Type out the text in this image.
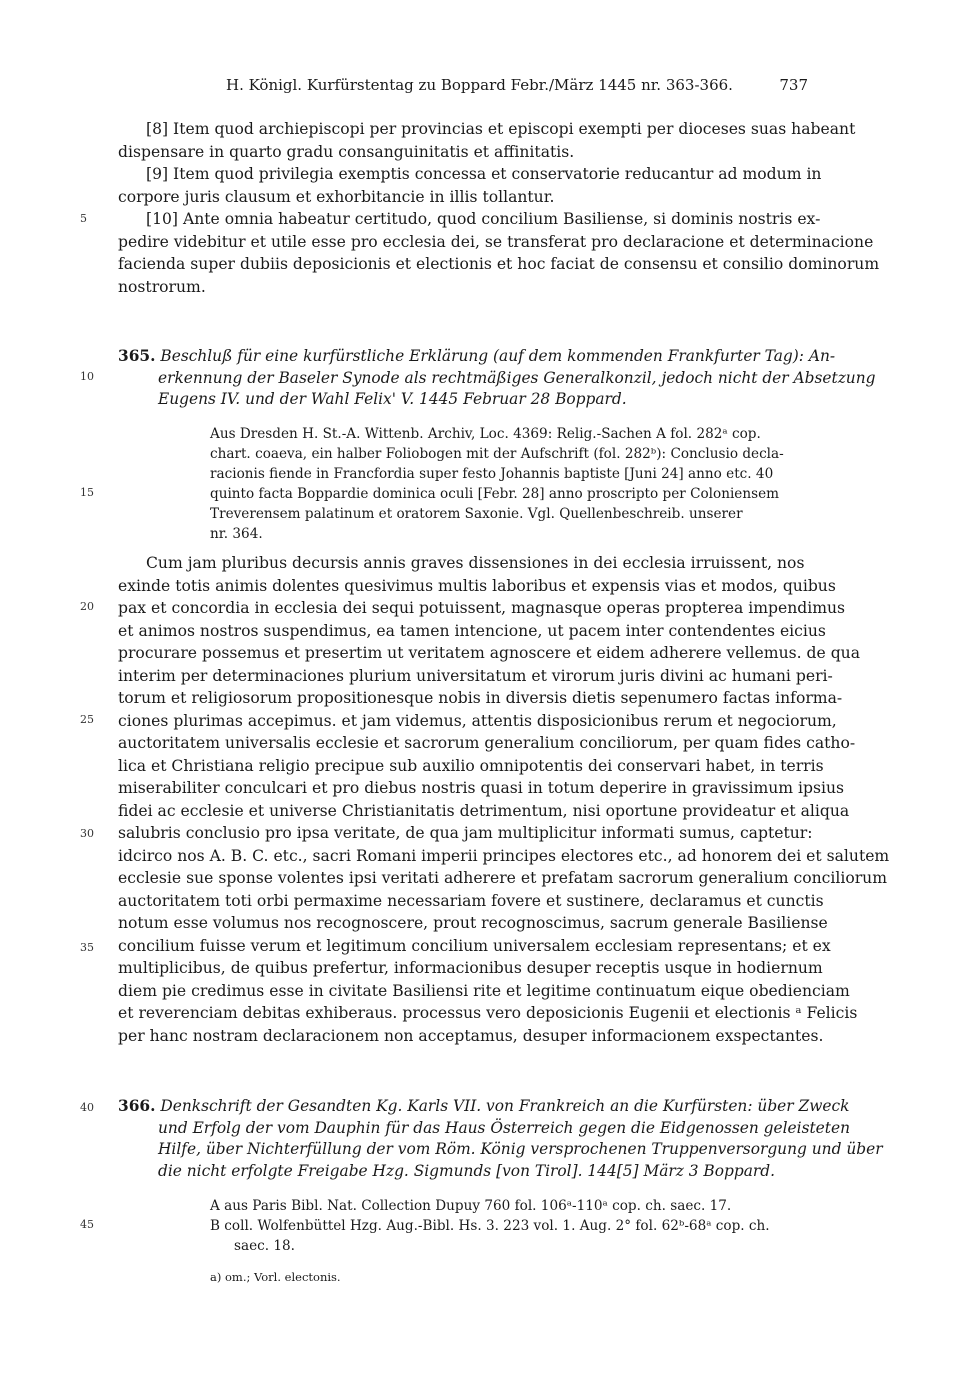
H. Königl. Kurfürstentag zu Boppard Febr./März 1445 nr. 363-366.	737
5
10
15
20
25
30
35
40
45
[8] Item quod archiepiscopi per provincias et episcopi exempti per dioceses suas habeant
dispensare in quarto gradu consanguinitatis et affinitatis.
[9] Item quod privilegia exemptis concessa et conservatorie reducantur ad modum in
corpore juris clausum et exhorbitancie in illis tollantur.
[10] Ante omnia habeatur certitudo, quod concilium Basiliense, si dominis nostris ex-
pedire videbitur et utile esse pro ecclesia dei, se transferat pro declaracione et determinacione
facienda super dubiis deposicionis et electionis et hoc faciat de consensu et consilio dominorum
nostrorum.
365. Beschluß für eine kurfürstliche Erklärung (auf dem kommenden Frankfurter Tag): An-
erkennung der Baseler Synode als rechtmäßiges Generalkonzil, jedoch nicht der Absetzung
Eugens IV. und der Wahl Felix' V. 1445 Februar 28 Boppard.
Aus Dresden H. St.-A. Wittenb. Archiv, Loc. 4369: Relig.-Sachen A fol. 282ᵃ cop.
chart. coaeva, ein halber Foliobogen mit der Aufschrift (fol. 282ᵇ): Conclusio decla-
racionis fiende in Francfordia super festo Johannis baptiste [Juni 24] anno etc. 40
quinto facta Boppardie dominica oculi [Febr. 28] anno proscripto per Coloniensem
Treverensem palatinum et oratorem Saxonie. Vgl. Quellenbeschreib. unserer
nr. 364.
Cum jam pluribus decursis annis graves dissensiones in dei ecclesia irruissent, nos
exinde totis animis dolentes quesivimus multis laboribus et expensis vias et modos, quibus
pax et concordia in ecclesia dei sequi potuissent, magnasque operas propterea impendimus
et animos nostros suspendimus, ea tamen intencione, ut pacem inter contendentes eicius
procurare possemus et presertim ut veritatem agnoscere et eidem adherere vellemus. de qua
interim per determinaciones plurium universitatum et virorum juris divini ac humani peri-
torum et religiosorum propositionesque nobis in diversis dietis sepenumero factas informa-
ciones plurimas accepimus. et jam videmus, attentis disposicionibus rerum et negociorum,
auctoritatem universalis ecclesie et sacrorum generalium conciliorum, per quam fides catho-
lica et Christiana religio precipue sub auxilio omnipotentis dei conservari habet, in terris
miserabiliter conculcari et pro diebus nostris quasi in totum deperire in gravissimum ipsius
fidei ac ecclesie et universe Christianitatis detrimentum, nisi oportune provideatur et aliqua
salubris conclusio pro ipsa veritate, de qua jam multiplicitur informati sumus, captetur:
idcirco nos A. B. C. etc., sacri Romani imperii principes electores etc., ad honorem dei et salutem
ecclesie sue sponse volentes ipsi veritati adherere et prefatam sacrorum generalium conciliorum
auctoritatem toti orbi permaxime necessariam fovere et sustinere, declaramus et cunctis
notum esse volumus nos recognoscere, prout recognoscimus, sacrum generale Basiliense
concilium fuisse verum et legitimum concilium universalem ecclesiam representans; et ex
multiplicibus, de quibus prefertur, informacionibus desuper receptis usque in hodiernum
diem pie credimus esse in civitate Basiliensi rite et legitime continuatum eique obedienciam
et reverenciam debitas exhiberaus. processus vero deposicionis Eugenii et electionis ᵃ Felicis
per hanc nostram declaracionem non acceptamus, desuper informacionem exspectantes.
366. Denkschrift der Gesandten Kg. Karls VII. von Frankreich an die Kurfürsten: über Zweck
und Erfolg der vom Dauphin für das Haus Österreich gegen die Eidgenossen geleisteten
Hilfe, über Nichterfüllung der vom Röm. König versprochenen Truppenversorgung und über
die nicht erfolgte Freigabe Hzg. Sigmunds [von Tirol]. 144[5] März 3 Boppard.
A aus Paris Bibl. Nat. Collection Dupuy 760 fol. 106ᵃ-110ᵃ cop. ch. saec. 17.
B coll. Wolfenbüttel Hzg. Aug.-Bibl. Hs. 3. 223 vol. 1. Aug. 2° fol. 62ᵇ-68ᵃ cop. ch.
saec. 18.
a) om.; Vorl. electonis.
